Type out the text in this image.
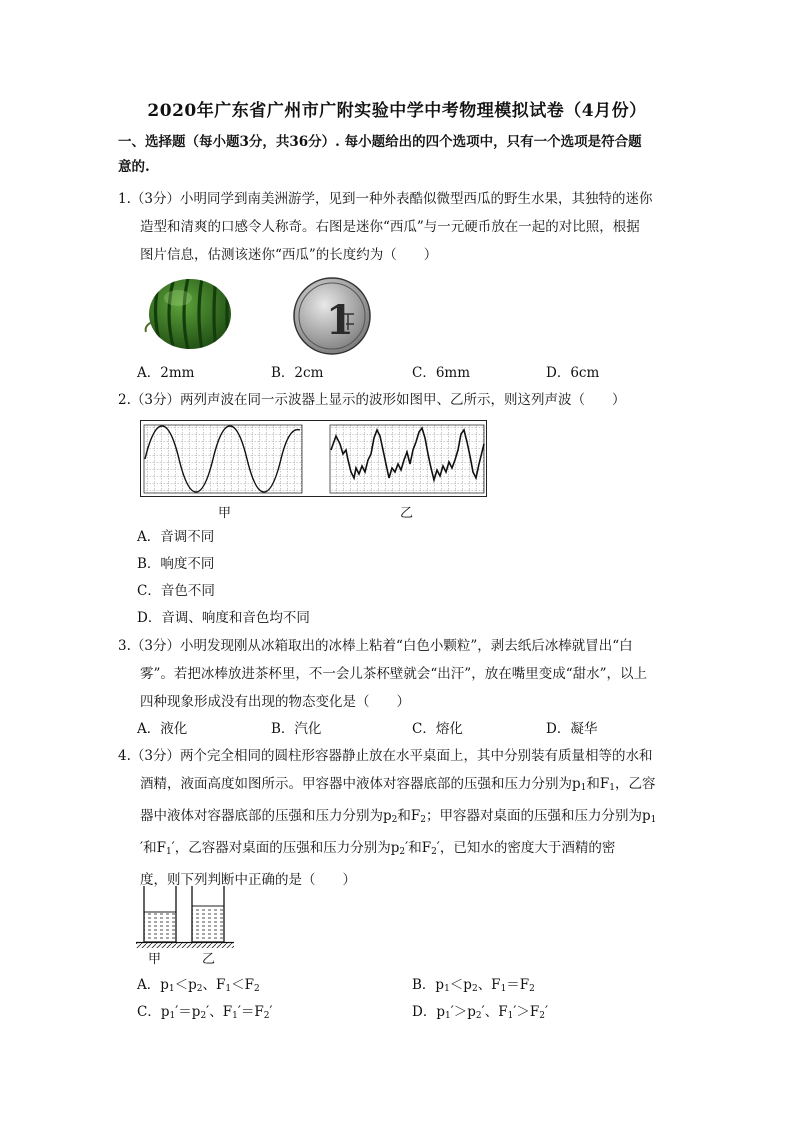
2020年广东省广州市广附实验中学中考物理模拟试卷（4月份）
一、选择题（每小题3分，共36分）. 每小题给出的四个选项中，只有一个选项是符合题
意的.
1.（3分）小明同学到南美洲游学，见到一种外表酷似微型西瓜的野生水果，其独特的迷你
造型和清爽的口感令人称奇。右图是迷你“西瓜”与一元硬币放在一起的对比照，根据
图片信息，估测该迷你“西瓜”的长度约为（　　）
1
A．2mm	B．2cm	C．6mm	D．6cm
2.（3分）两列声波在同一示波器上显示的波形如图甲、乙所示，则这列声波（　　）
甲	乙
A．音调不同
B．响度不同
C．音色不同
D．音调、响度和音色均不同
3.（3分）小明发现刚从冰箱取出的冰棒上粘着“白色小颗粒”，剥去纸后冰棒就冒出“白
雾”。若把冰棒放进茶杯里，不一会儿茶杯壁就会“出汗”，放在嘴里变成“甜水”，以上
四种现象形成没有出现的物态变化是（　　）
A．液化	B．汽化	C．熔化	D．凝华
4.（3分）两个完全相同的圆柱形容器静止放在水平桌面上，其中分别装有质量相等的水和
酒精，液面高度如图所示。甲容器中液体对容器底部的压强和压力分别为$p_1$和$F_1$，乙容
器中液体对容器底部的压强和压力分别为$p_2$和$F_2$；甲容器对桌面的压强和压力分别为$p_1$
′和$F_1'$，乙容器对桌面的压强和压力分别为$p_2'$和$F_2'$，已知水的密度大于酒精的密
度，则下列判断中正确的是（　　）
甲	乙
A．$p_1<p_2$、$F_1<F_2$	B．$p_1<p_2$、$F_1=F_2$
C．$p_1'=p_2'$、$F_1'=F_2'$	D．$p_1'>p_2'$、$F_1'>F_2'$
